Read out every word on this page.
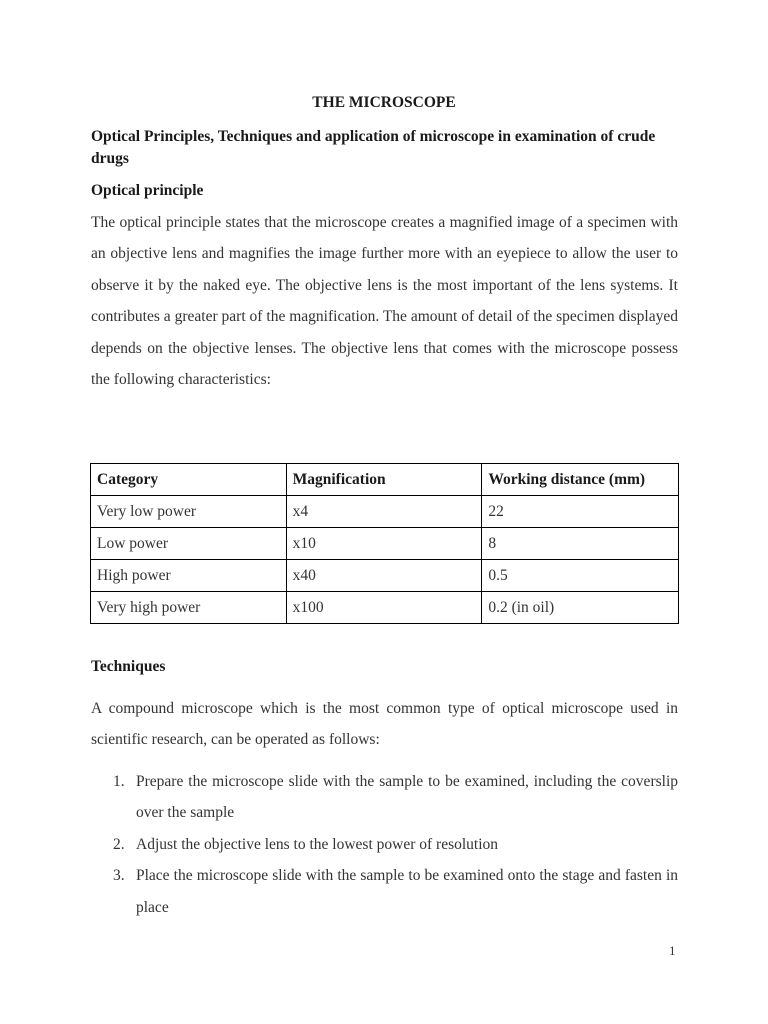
THE MICROSCOPE
Optical Principles, Techniques and application of microscope in examination of crude drugs
Optical principle
The optical principle states that the microscope creates a magnified image of a specimen with an objective lens and magnifies the image further more with an eyepiece to allow the user to observe it by the naked eye. The objective lens is the most important of the lens systems. It contributes a greater part of the magnification. The amount of detail of the specimen displayed depends on the objective lenses. The objective lens that comes with the microscope possess the following characteristics:
Category	Magnification	Working distance (mm)
Very low power	x4	22
Low power	x10	8
High power	x40	0.5
Very high power	x100	0.2 (in oil)
Techniques
A compound microscope which is the most common type of optical microscope used in scientific research, can be operated as follows:
1. Prepare the microscope slide with the sample to be examined, including the coverslip over the sample
2. Adjust the objective lens to the lowest power of resolution
3. Place the microscope slide with the sample to be examined onto the stage and fasten in place
1
